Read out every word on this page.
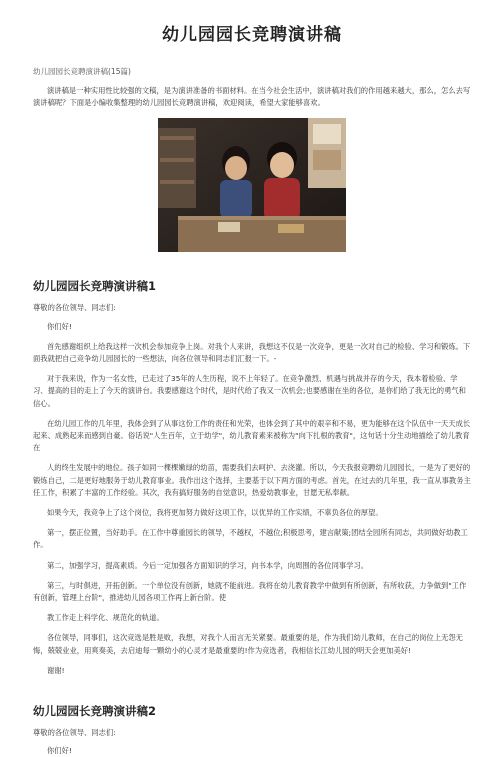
幼儿园园长竞聘演讲稿
幼儿园园长竞聘演讲稿(15篇)

演讲稿是一种实用性比较强的文稿，是为演讲准备的书面材料。在当今社会生活中，演讲稿对我们的作用越来越大，那么，怎么去写演讲稿呢？下面是小编收集整理的幼儿园园长竞聘演讲稿，欢迎阅读，希望大家能够喜欢。

幼儿园园长竞聘演讲稿1

尊敬的各位领导、同志们:

你们好!

首先感谢组织上给我这样一次机会参加竞争上岗。对我个人来讲，我想这不仅是一次竞争，更是一次对自己的检验、学习和锻炼。下面我就把自己竞争幼儿园园长的一些想法，向各位领导和同志们汇报一下。-

对于我来说，作为一名女性，已走过了35年的人生历程，说不上年轻了。在竞争激烈、机遇与挑战并存的今天，我本着检验、学习、提高的目的走上了今天的演讲台。我要感谢这个时代，是时代给了我又一次机会;也要感谢在坐的各位，是你们给了我无比的勇气和信心。

在幼儿园工作的几年里，我体会到了从事这份工作的责任和光荣，也体会到了其中的艰辛和不易，更为能够在这个队伍中一天天成长起来、成熟起来而感到自豪。俗话说"人生百年，立于幼学"，幼儿教育素来被称为"向下扎根的教育"，这句话十分生动地描绘了幼儿教育在

人的终生发展中的地位。孩子如同一棵棵嫩绿的幼苗，需要我们去呵护、去浇灌。所以，今天我报竞聘幼儿园园长，一是为了更好的锻炼自己，二是更好地服务于幼儿教育事业。我作出这个选择，主要基于以下两方面的考虑。首先，在过去的几年里，我一直从事教务主任工作，积累了丰富的工作经验。其次，我有搞好服务的自觉意识，热爱幼教事业，甘愿无私奉献。

如果今天，我竞争上了这个岗位，我将更加努力做好这项工作，以优异的工作实绩，不辜负各位的厚望。

第一，摆正位置，当好助手。在工作中尊重园长的领导，不越权，不越位;积极思考，建言献策;团结全园所有同志，共同做好幼教工作。

第二，加强学习，提高素质。今后一定加强各方面知识的学习，向书本学，向周围的各位同事学习。

第三，与时俱进，开拓创新。一个单位没有创新，她就不能前进。我将在幼儿教育教学中做到有所创新，有所收获，力争做到"工作有创新，管理上台阶"，推进幼儿园各项工作再上新台阶。使

教工作走上科学化、规范化的轨道。

各位领导，同事们，这次竞选是胜是败，我想，对我个人而言无关紧要。最重要的是，作为我们幼儿教师，在自己的岗位上无怨无悔，兢兢业业，用爽奏美，去启迪每一颗幼小的心灵才是最重要的!作为竞选者，我相信长江幼儿园的明天会更加美好!

谢谢!

幼儿园园长竞聘演讲稿2

尊敬的各位领导、同志们:

你们好!
